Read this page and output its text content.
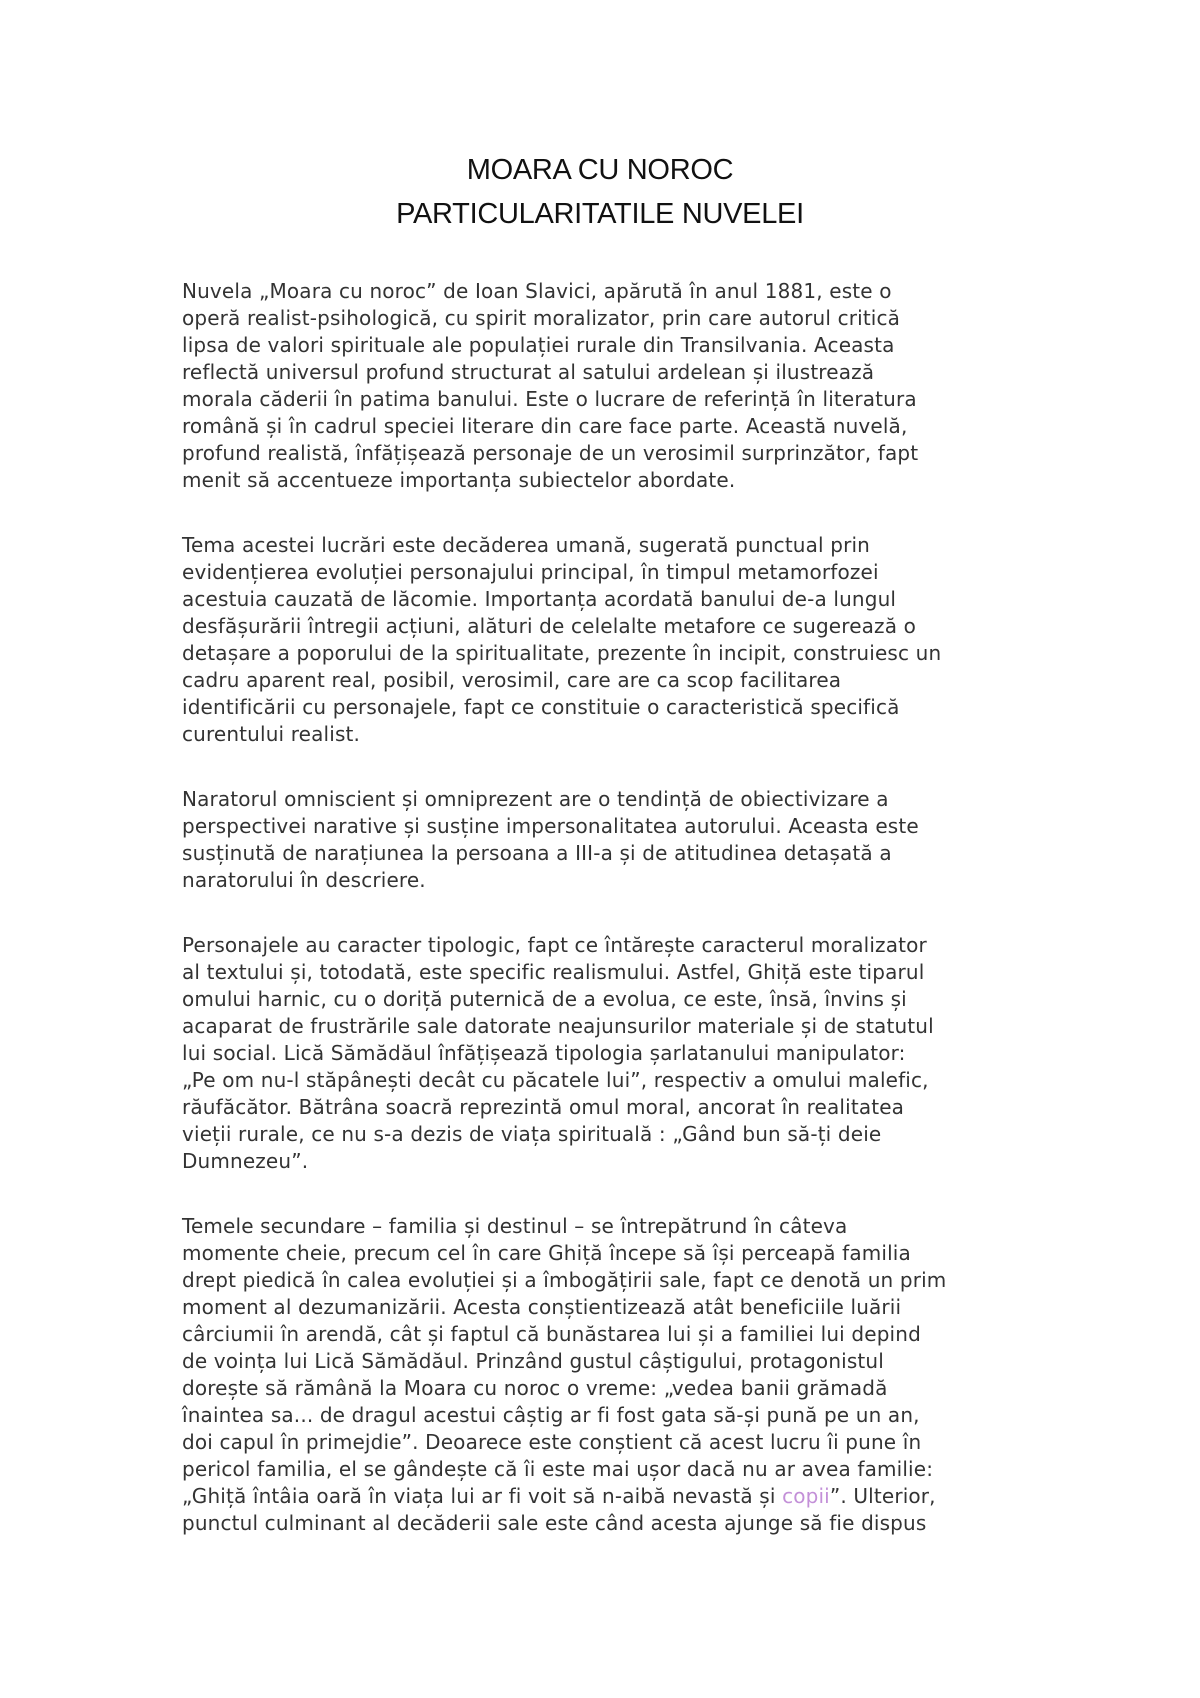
MOARA CU NOROC
PARTICULARITATILE NUVELEI
Nuvela „Moara cu noroc” de Ioan Slavici, apărută în anul 1881, este o
operă realist-psihologică, cu spirit moralizator, prin care autorul critică
lipsa de valori spirituale ale populației rurale din Transilvania. Aceasta
reflectă universul profund structurat al satului ardelean și ilustrează
morala căderii în patima banului. Este o lucrare de referință în literatura
română și în cadrul speciei literare din care face parte. Această nuvelă,
profund realistă, înfățișează personaje de un verosimil surprinzător, fapt
menit să accentueze importanța subiectelor abordate.
Tema acestei lucrări este decăderea umană, sugerată punctual prin
evidențierea evoluției personajului principal, în timpul metamorfozei
acestuia cauzată de lăcomie. Importanța acordată banului de-a lungul
desfășurării întregii acțiuni, alături de celelalte metafore ce sugerează o
detașare a poporului de la spiritualitate, prezente în incipit, construiesc un
cadru aparent real, posibil, verosimil, care are ca scop facilitarea
identificării cu personajele, fapt ce constituie o caracteristică specifică
curentului realist.
Naratorul omniscient și omniprezent are o tendință de obiectivizare a
perspectivei narative și susține impersonalitatea autorului. Aceasta este
susținută de narațiunea la persoana a III-a și de atitudinea detașată a
naratorului în descriere.
Personajele au caracter tipologic, fapt ce întărește caracterul moralizator
al textului și, totodată, este specific realismului. Astfel, Ghiță este tiparul
omului harnic, cu o doriță puternică de a evolua, ce este, însă, învins și
acaparat de frustrările sale datorate neajunsurilor materiale și de statutul
lui social. Lică Sămădăul înfățișează tipologia șarlatanului manipulator:
„Pe om nu-l stăpânești decât cu păcatele lui”, respectiv a omului malefic,
răufăcător. Bătrâna soacră reprezintă omul moral, ancorat în realitatea
vieții rurale, ce nu s-a dezis de viața spirituală : „Gând bun să-ți deie
Dumnezeu”.
Temele secundare – familia și destinul – se întrepătrund în câteva
momente cheie, precum cel în care Ghiță începe să își perceapă familia
drept piedică în calea evoluției și a îmbogățirii sale, fapt ce denotă un prim
moment al dezumanizării. Acesta conștientizează atât beneficiile luării
cârciumii în arendă, cât și faptul că bunăstarea lui și a familiei lui depind
de voința lui Lică Sămădăul. Prinzând gustul câștigului, protagonistul
dorește să rămână la Moara cu noroc o vreme: „vedea banii grămadă
înaintea sa... de dragul acestui câștig ar fi fost gata să-și pună pe un an,
doi capul în primejdie”. Deoarece este conștient că acest lucru îi pune în
pericol familia, el se gândește că îi este mai ușor dacă nu ar avea familie:
„Ghiță întâia oară în viața lui ar fi voit să n-aibă nevastă și copii”. Ulterior,
punctul culminant al decăderii sale este când acesta ajunge să fie dispus
